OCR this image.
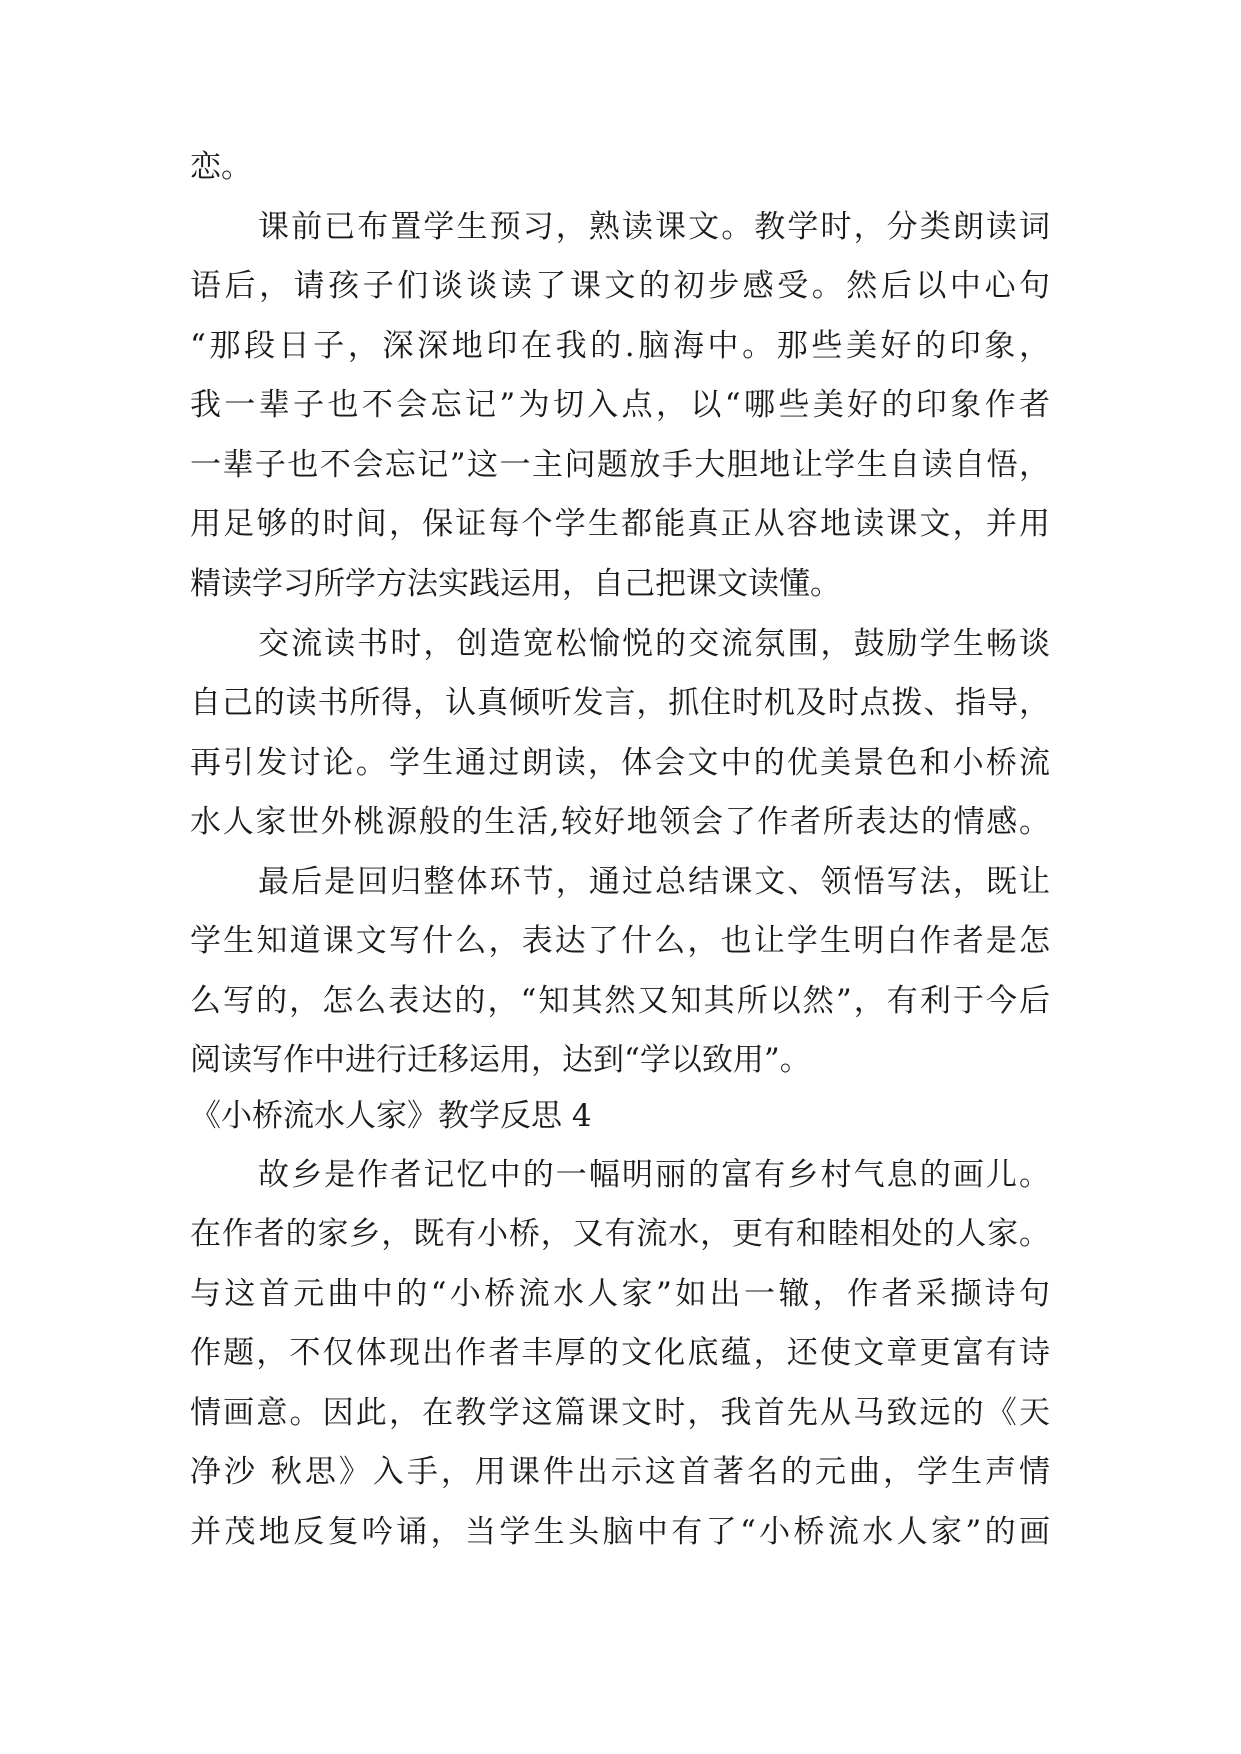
恋。
课前已布置学生预习，熟读课文。教学时，分类朗读词
语后，请孩子们谈谈读了课文的初步感受。然后以中心句
“那段日子，深深地印在我的.脑海中。那些美好的印象，
我一辈子也不会忘记”为切入点，以“哪些美好的印象作者
一辈子也不会忘记”这一主问题放手大胆地让学生自读自悟，
用足够的时间，保证每个学生都能真正从容地读课文，并用
精读学习所学方法实践运用，自己把课文读懂。
交流读书时，创造宽松愉悦的交流氛围，鼓励学生畅谈
自己的读书所得，认真倾听发言，抓住时机及时点拨、指导，
再引发讨论。学生通过朗读，体会文中的优美景色和小桥流
水人家世外桃源般的生活,较好地领会了作者所表达的情感。
最后是回归整体环节，通过总结课文、领悟写法，既让
学生知道课文写什么，表达了什么，也让学生明白作者是怎
么写的，怎么表达的，“知其然又知其所以然”，有利于今后
阅读写作中进行迁移运用，达到“学以致用”。
《小桥流水人家》教学反思 4
故乡是作者记忆中的一幅明丽的富有乡村气息的画儿。
在作者的家乡，既有小桥，又有流水，更有和睦相处的人家。
与这首元曲中的“小桥流水人家”如出一辙，作者采撷诗句
作题，不仅体现出作者丰厚的文化底蕴，还使文章更富有诗
情画意。因此，在教学这篇课文时，我首先从马致远的《天
净沙 秋思》入手，用课件出示这首著名的元曲，学生声情
并茂地反复吟诵，当学生头脑中有了“小桥流水人家”的画
